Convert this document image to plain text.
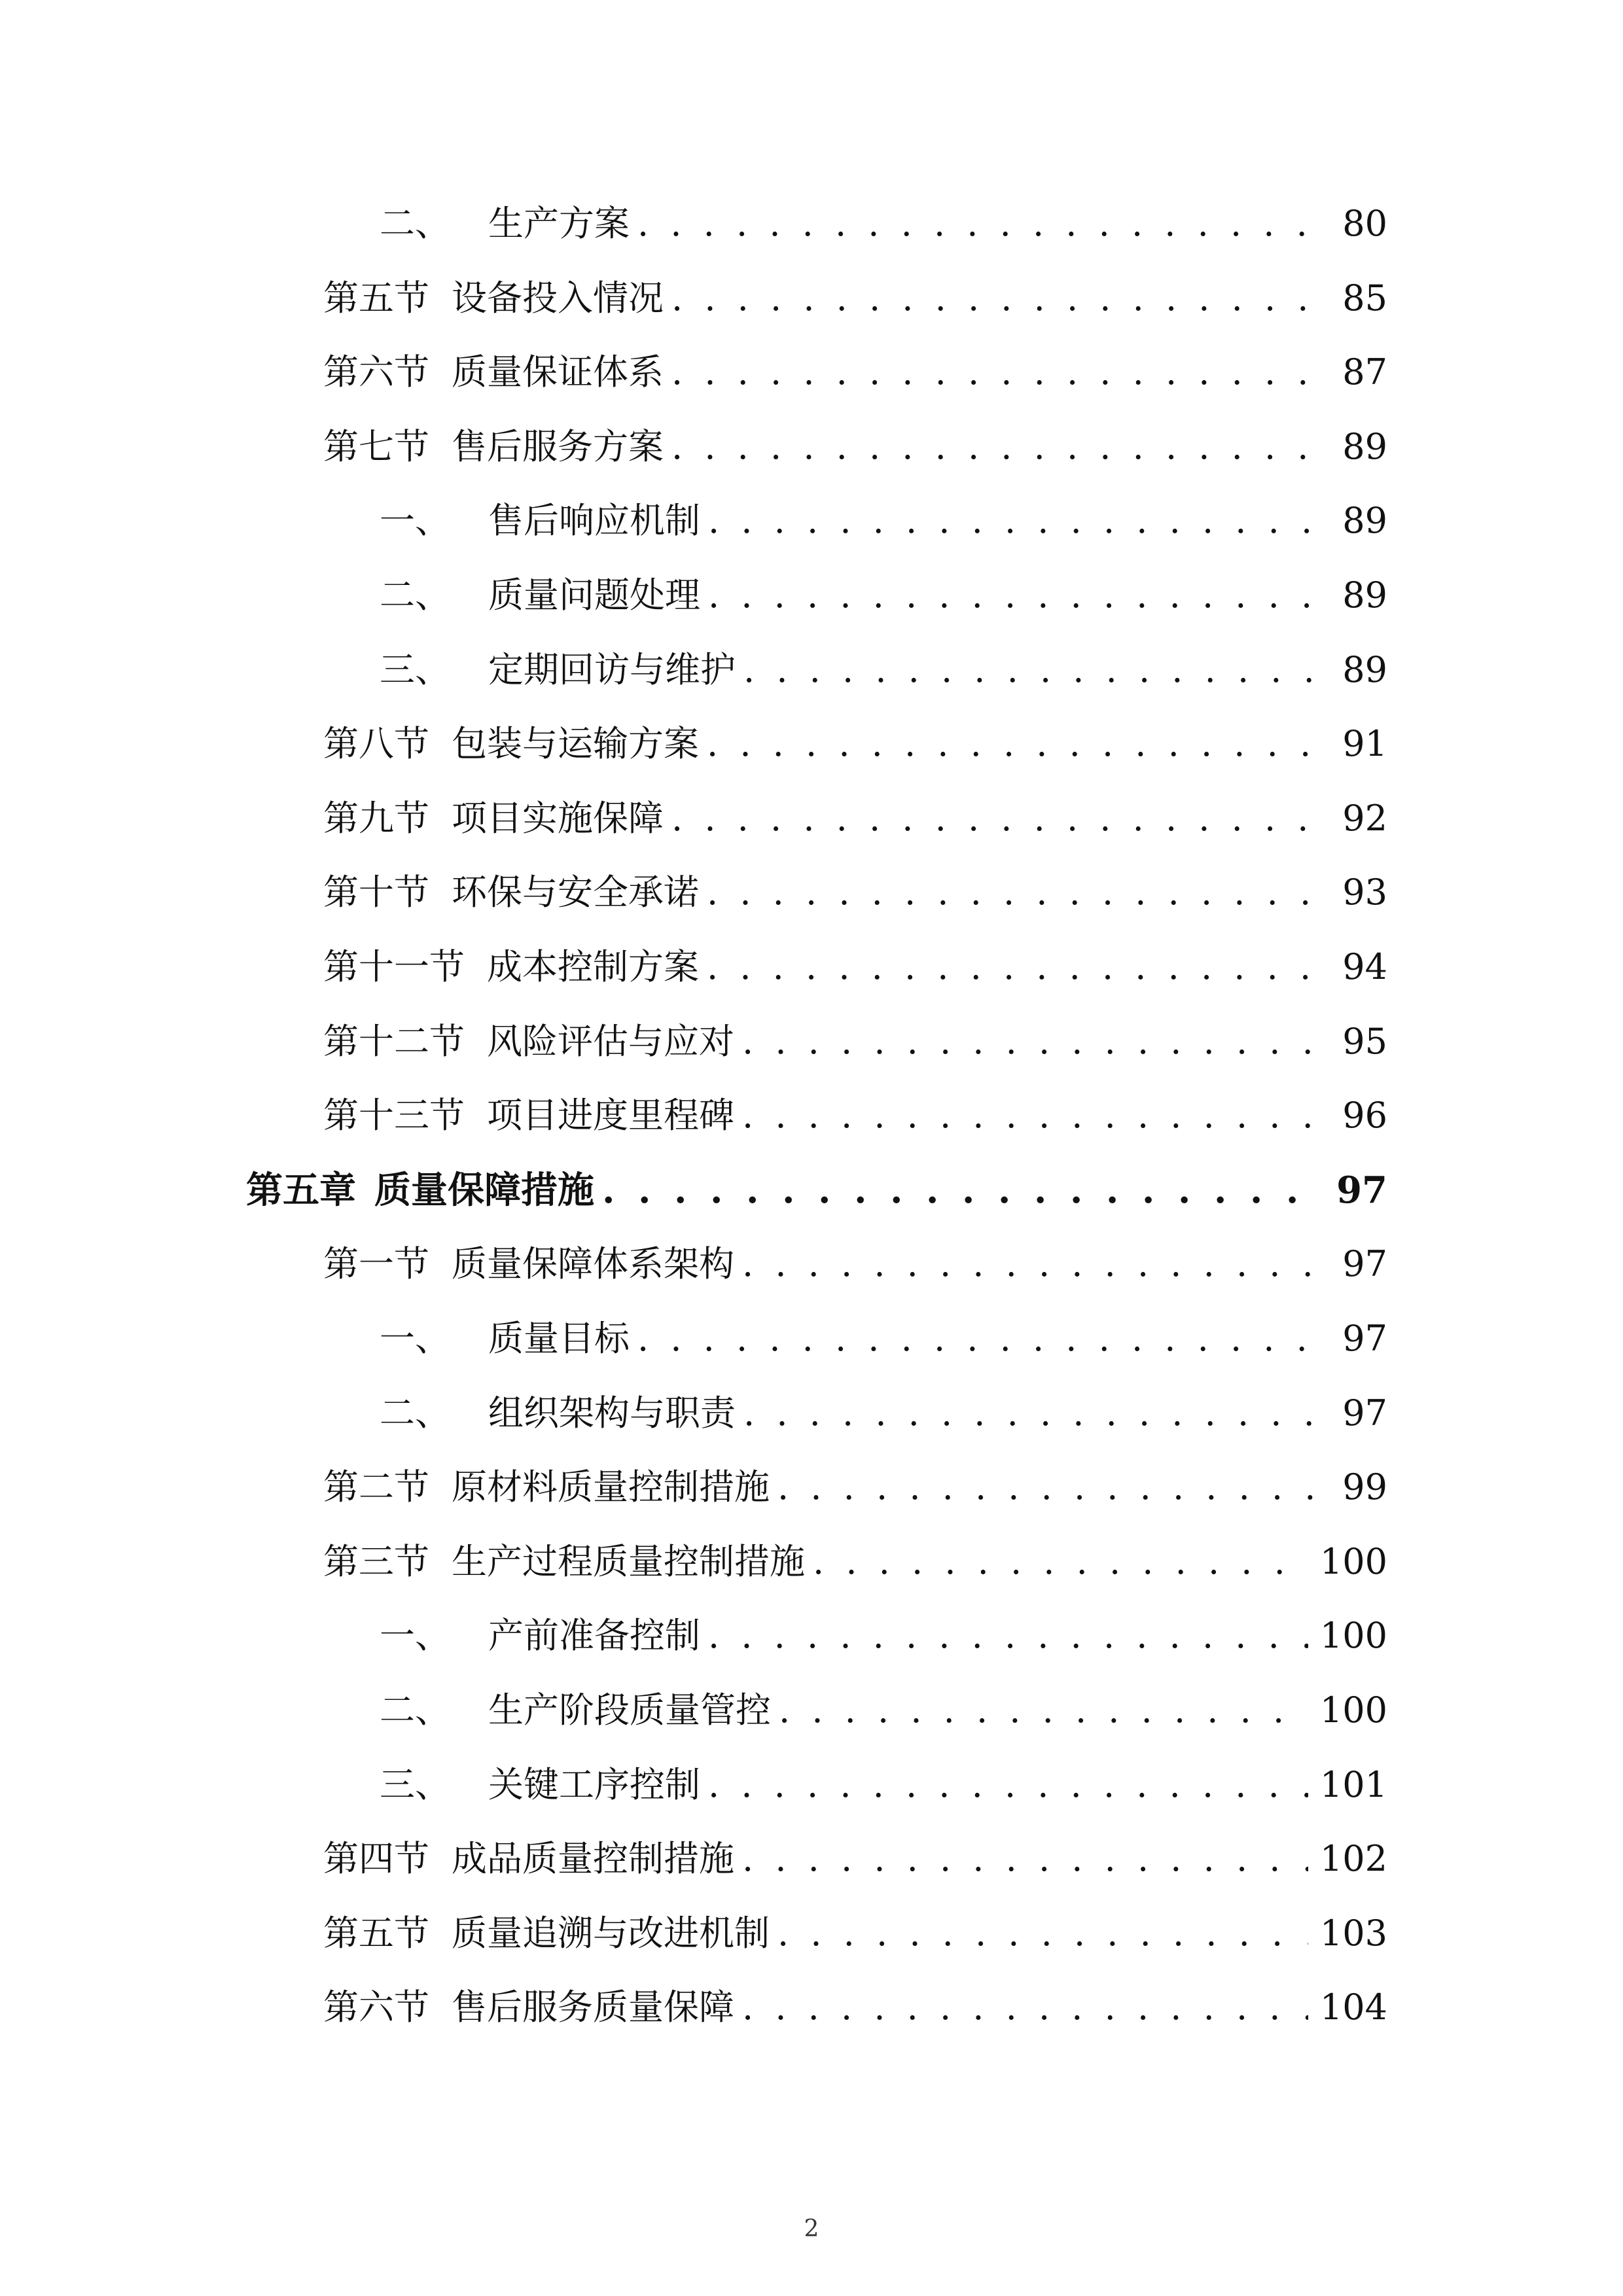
二、 生产方案 . . .	80
第五节 设备投入情况 . . .	85
第六节 质量保证体系 . . .	87
第七节 售后服务方案 . . .	89
一、 售后响应机制 . . .	89
二、 质量问题处理 . . .	89
三、 定期回访与维护 . . .	89
第八节 包装与运输方案 . . .	91
第九节 项目实施保障 . . .	92
第十节 环保与安全承诺 . . .	93
第十一节 成本控制方案 . . .	94
第十二节 风险评估与应对 . . .	95
第十三节 项目进度里程碑 . . .	96
第五章 质量保障措施 . . .	97
第一节 质量保障体系架构 . . .	97
一、 质量目标 . . .	97
二、 组织架构与职责 . . .	97
第二节 原材料质量控制措施 . . .	99
第三节 生产过程质量控制措施 . . .	100
一、 产前准备控制 . . .	100
二、 生产阶段质量管控 . . .	100
三、 关键工序控制 . . .	101
第四节 成品质量控制措施 . . .	102
第五节 质量追溯与改进机制 . . .	103
第六节 售后服务质量保障 . . .	104
2
